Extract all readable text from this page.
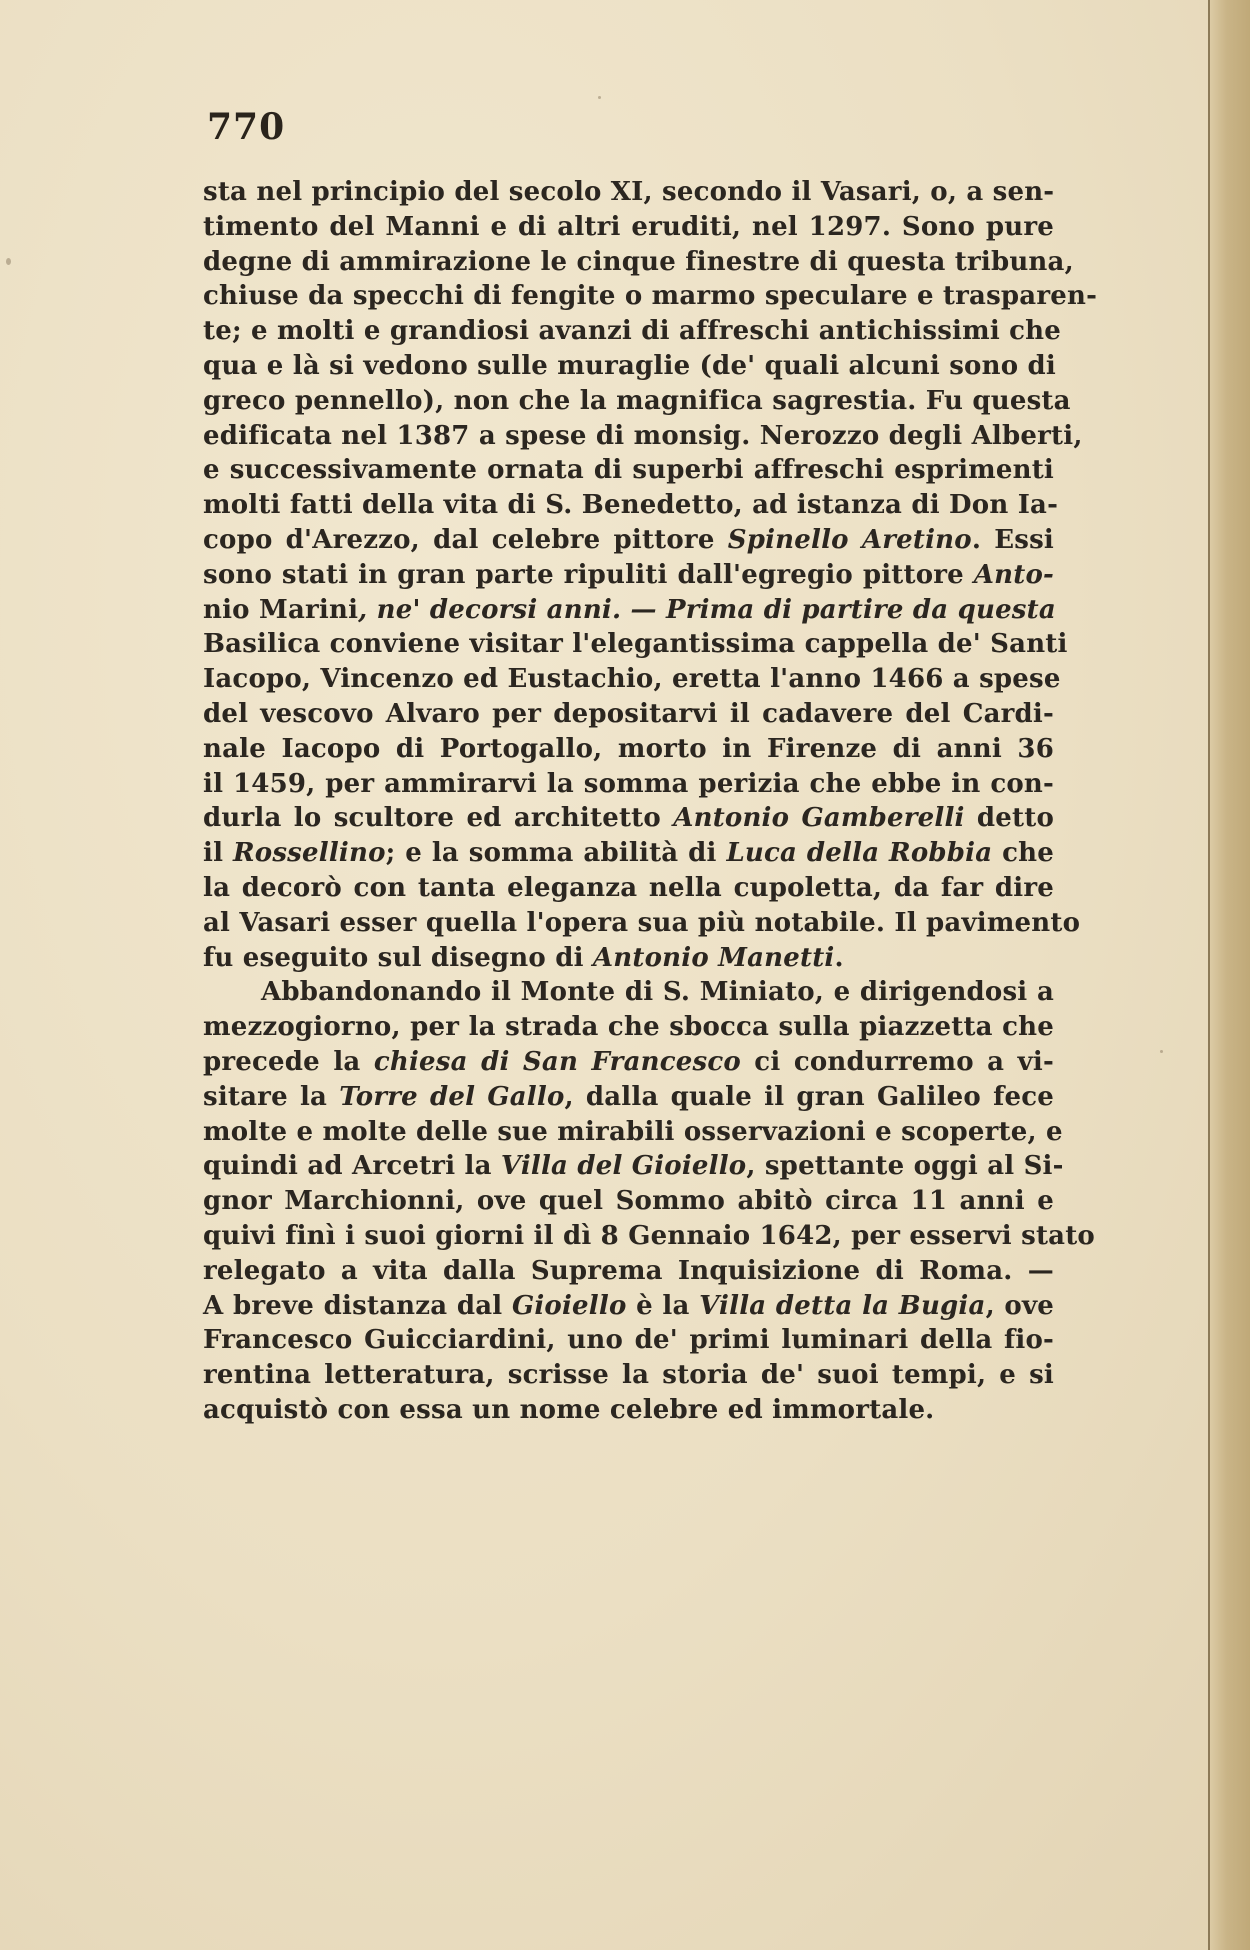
770
sta nel principio del secolo XI, secondo il Vasari, o, a sen-
timento del Manni e di altri eruditi, nel 1297. Sono pure
degne di ammirazione le cinque finestre di questa tribuna,
chiuse da specchi di fengite o marmo speculare e trasparen-
te; e molti e grandiosi avanzi di affreschi antichissimi che
qua e là si vedono sulle muraglie (de' quali alcuni sono di
greco pennello), non che la magnifica sagrestia. Fu questa
edificata nel 1387 a spese di monsig. Nerozzo degli Alberti,
e successivamente ornata di superbi affreschi esprimenti
molti fatti della vita di S. Benedetto, ad istanza di Don Ia-
copo d'Arezzo, dal celebre pittore Spinello Aretino. Essi
sono stati in gran parte ripuliti dall'egregio pittore Anto-
nio Marini, ne' decorsi anni. — Prima di partire da questa
Basilica conviene visitar l'elegantissima cappella de' Santi
Iacopo, Vincenzo ed Eustachio, eretta l'anno 1466 a spese
del vescovo Alvaro per depositarvi il cadavere del Cardi-
nale Iacopo di Portogallo, morto in Firenze di anni 36
il 1459, per ammirarvi la somma perizia che ebbe in con-
durla lo scultore ed architetto Antonio Gamberelli detto
il Rossellino; e la somma abilità di Luca della Robbia che
la decorò con tanta eleganza nella cupoletta, da far dire
al Vasari esser quella l'opera sua più notabile. Il pavimento
fu eseguito sul disegno di Antonio Manetti.
Abbandonando il Monte di S. Miniato, e dirigendosi a
mezzogiorno, per la strada che sbocca sulla piazzetta che
precede la chiesa di San Francesco ci condurremo a vi-
sitare la Torre del Gallo, dalla quale il gran Galileo fece
molte e molte delle sue mirabili osservazioni e scoperte, e
quindi ad Arcetri la Villa del Gioiello, spettante oggi al Si-
gnor Marchionni, ove quel Sommo abitò circa 11 anni e
quivi finì i suoi giorni il dì 8 Gennaio 1642, per esservi stato
relegato a vita dalla Suprema Inquisizione di Roma. —
A breve distanza dal Gioiello è la Villa detta la Bugia, ove
Francesco Guicciardini, uno de' primi luminari della fio-
rentina letteratura, scrisse la storia de' suoi tempi, e si
acquistò con essa un nome celebre ed immortale.
